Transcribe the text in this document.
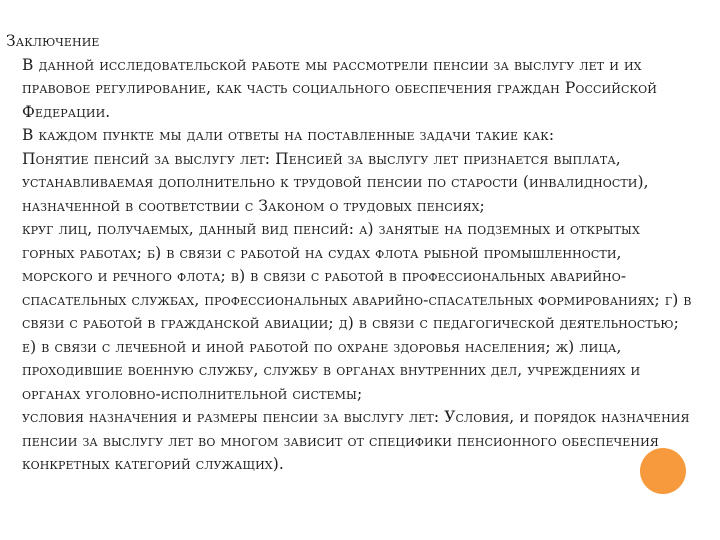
Заключение

В данной исследовательской работе мы рассмотрели пенсии за выслугу лет и их правовое регулирование, как часть социального обеспечения граждан Российской Федерации.

В каждом пункте мы дали ответы на поставленные задачи такие как:

Понятие пенсий за выслугу лет: Пенсией за выслугу лет признается выплата, устанавливаемая дополнительно к трудовой пенсии по старости (инвалидности), назначенной в соответствии с Законом о трудовых пенсиях;

круг лиц, получаемых, данный вид пенсий: а) занятые на подземных и открытых горных работах; б) в связи с работой на судах флота рыбной промышленности, морского и речного флота; в) в связи с работой в профессиональных аварийно-спасательных службах, профессиональных аварийно-спасательных формированиях; г) в связи с работой в гражданской авиации; д) в связи с педагогической деятельностью; е) в связи с лечебной и иной работой по охране здоровья населения; ж) лица, проходившие военную службу, службу в органах внутренних дел, учреждениях и органах уголовно-исполнительной системы;

условия назначения и размеры пенсии за выслугу лет: Условия, и порядок назначения пенсии за выслугу лет во многом зависит от специфики пенсионного обеспечения конкретных категорий служащих).
